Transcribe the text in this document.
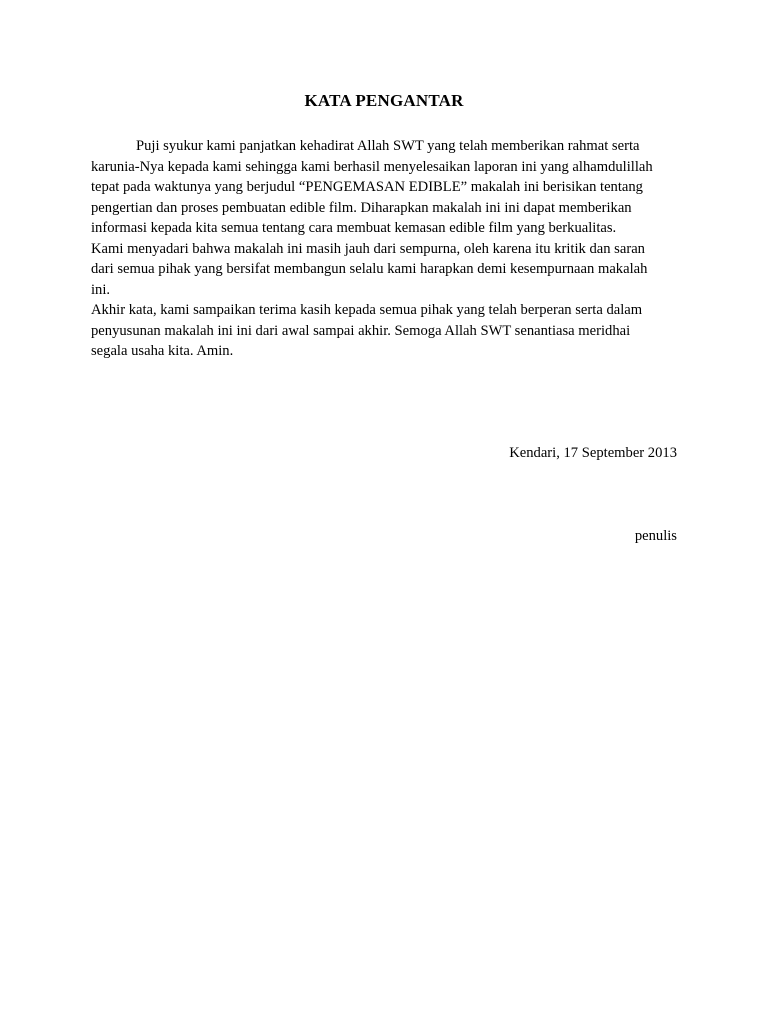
KATA PENGANTAR

Puji syukur kami panjatkan kehadirat Allah SWT yang telah memberikan rahmat serta
karunia-Nya kepada kami sehingga kami berhasil menyelesaikan laporan ini yang alhamdulillah
tepat pada waktunya yang berjudul “PENGEMASAN EDIBLE” makalah ini berisikan tentang
pengertian dan proses pembuatan edible film. Diharapkan makalah ini ini dapat memberikan
informasi kepada kita semua tentang cara membuat kemasan edible film yang berkualitas.

Kami menyadari bahwa makalah ini masih jauh dari sempurna, oleh karena itu kritik dan saran
dari semua pihak yang bersifat membangun selalu kami harapkan demi kesempurnaan makalah
ini.

Akhir kata, kami sampaikan terima kasih kepada semua pihak yang telah berperan serta dalam
penyusunan makalah ini ini dari awal sampai akhir. Semoga Allah SWT senantiasa meridhai
segala usaha kita. Amin.

Kendari, 17 September 2013
penulis
